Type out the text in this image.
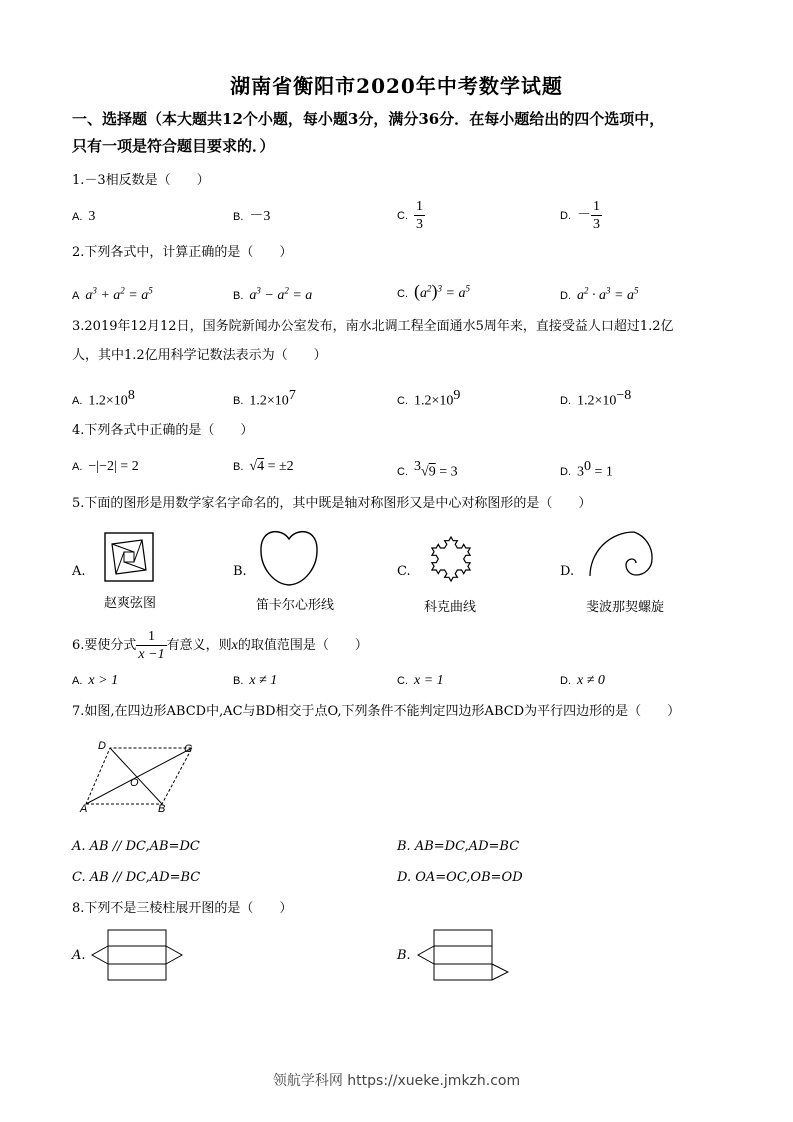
湖南省衡阳市2020年中考数学试题
一、选择题（本大题共12个小题，每小题3分，满分36分．在每小题给出的四个选项中，
只有一项是符合题目要求的．）
1.－3相反数是（　　）
A. 3	B. －3	C. $\frac{1}{3}$	D. － $\frac{1}{3}$
2.下列各式中，计算正确的是（　　）
A $a^3 + a^2 = a^5$	B. $a^3 - a^2 = a$	C. $(a^2)^3 = a^5$
D. $a^2 \cdot a^3 = a^5$
3.2019年12月12日，国务院新闻办公室发布，南水北调工程全面通水5周年来，直接受益人口超过1.2亿
人，其中1.2亿用科学记数法表示为（　　）
A. $1.2\times 10^8$	B. $1.2\times 10^7$	C. $1.2\times 10^9$	D. $1.2\times 10^{-8}$
4.下列各式中正确的是（　　）
A. −|−2| = 2	B. √4 = ±2	C. $^3$√9 = 3	D. $3^0 = 1$
5.下面的图形是用数学家名字命名的，其中既是轴对称图形又是中心对称图形的是（　　）
A.
赵爽弦图
B.
笛卡尔心形线
C.
科克曲线
D.
斐波那契螺旋
6.要使分式 $\frac{1}{x -1}$ 有意义，则x的取值范围是（　　）
A. x > 1	B. x ≠ 1	C. x = 1	D. x ≠ 0
7.如图,在四边形ABCD中,AC与BD相交于点O,下列条件不能判定四边形ABCD为平行四边形的是（　　）
D	C
A	B
O
A. AB // DC,AB=DC	B. AB=DC,AD=BC
C. AB // DC,AD=BC	D. OA=OC,OB=OD
8.下列不是三棱柱展开图的是（　　）
A.	B.
领航学科网 https://xueke.jmkzh.com
